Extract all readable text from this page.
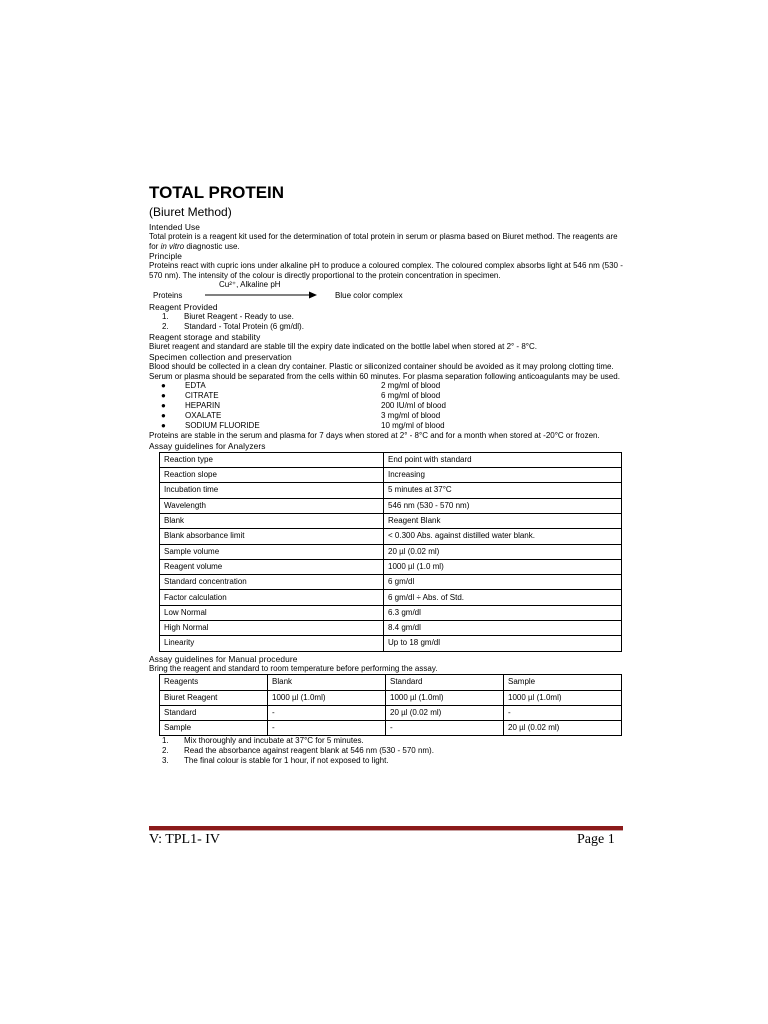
TOTAL PROTEIN
(Biuret Method)
Intended Use
Total protein is a reagent kit used for the determination of total protein in serum or plasma based on Biuret method. The reagents are for in vitro diagnostic use.
Principle
Proteins react with cupric ions under alkaline pH to produce a coloured complex. The coloured complex absorbs light at 546 nm (530 - 570 nm). The intensity of the colour is directly proportional to the protein concentration in specimen.
Cu²⁺, Alkaline pH
Proteins	Blue color complex
Reagent Provided
1. Biuret Reagent - Ready to use.
2. Standard - Total Protein (6 gm/dl).
Reagent storage and stability
Biuret reagent and standard are stable till the expiry date indicated on the bottle label when stored at 2° - 8°C.
Specimen collection and preservation
Blood should be collected in a clean dry container. Plastic or siliconized container should be avoided as it may prolong clotting time. Serum or plasma should be separated from the cells within 60 minutes. For plasma separation following anticoagulants may be used.
● EDTA	2 mg/ml of blood
● CITRATE	6 mg/ml of blood
● HEPARIN	200 IU/ml of blood
● OXALATE	3 mg/ml of blood
● SODIUM FLUORIDE	10 mg/ml of blood
Proteins are stable in the serum and plasma for 7 days when stored at 2° - 8°C and for a month when stored at -20°C or frozen.
Assay guidelines for Analyzers
Reaction type	End point with standard
Reaction slope	Increasing
Incubation time	5 minutes at 37°C
Wavelength	546 nm (530 - 570 nm)
Blank	Reagent Blank
Blank absorbance limit	< 0.300 Abs. against distilled water blank.
Sample volume	20 µl (0.02 ml)
Reagent volume	1000 µl (1.0 ml)
Standard concentration	6 gm/dl
Factor calculation	6 gm/dl ÷ Abs. of Std.
Low Normal	6.3 gm/dl
High Normal	8.4 gm/dl
Linearity	Up to 18 gm/dl
Assay guidelines for Manual procedure
Bring the reagent and standard to room temperature before performing the assay.
Reagents	Blank	Standard	Sample
Biuret Reagent	1000 µl (1.0ml)	1000 µl (1.0ml)	1000 µl (1.0ml)
Standard	-	20 µl (0.02 ml)	-
Sample	-	-	20 µl (0.02 ml)
1. Mix thoroughly and incubate at 37°C for 5 minutes.
2. Read the absorbance against reagent blank at 546 nm (530 - 570 nm).
3. The final colour is stable for 1 hour, if not exposed to light.
V: TPL1- IV	Page 1
